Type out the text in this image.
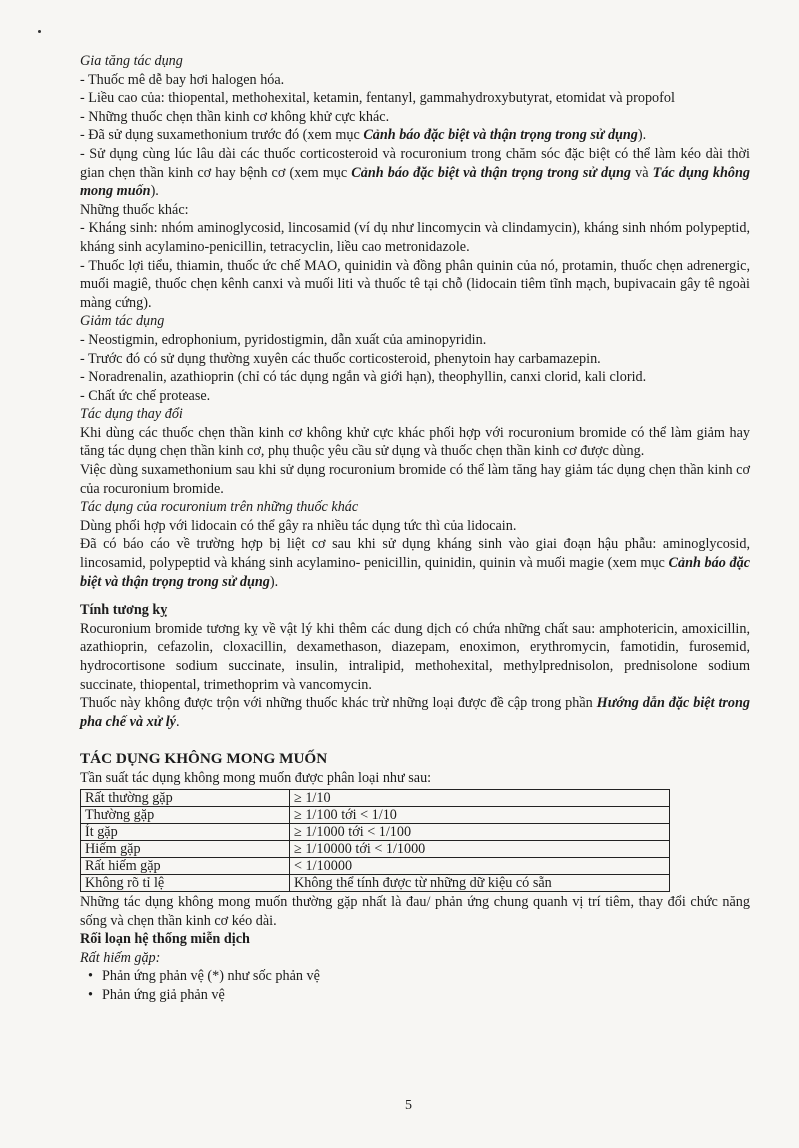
Gia tăng tác dụng

- Thuốc mê dễ bay hơi halogen hóa.

- Liều cao của: thiopental, methohexital, ketamin, fentanyl, gammahydroxybutyrat, etomidat và propofol

- Những thuốc chẹn thần kinh cơ không khử cực khác.

- Đã sử dụng suxamethonium trước đó (xem mục Cảnh báo đặc biệt và thận trọng trong sử dụng).

- Sử dụng cùng lúc lâu dài các thuốc corticosteroid và rocuronium trong chăm sóc đặc biệt có thể làm kéo dài thời gian chẹn thần kinh cơ hay bệnh cơ (xem mục Cảnh báo đặc biệt và thận trọng trong sử dụng và Tác dụng không mong muốn).

Những thuốc khác:

- Kháng sinh: nhóm aminoglycosid, lincosamid (ví dụ như lincomycin và clindamycin), kháng sinh nhóm polypeptid, kháng sinh acylamino-penicillin, tetracyclin, liều cao metronidazole.

- Thuốc lợi tiểu, thiamin, thuốc ức chế MAO, quinidin và đồng phân quinin của nó, protamin, thuốc chẹn adrenergic, muối magiê, thuốc chẹn kênh canxi và muối liti và thuốc tê tại chỗ (lidocain tiêm tĩnh mạch, bupivacain gây tê ngoài màng cứng).

Giảm tác dụng

- Neostigmin, edrophonium, pyridostigmin, dẫn xuất của aminopyridin.

- Trước đó có sử dụng thường xuyên các thuốc corticosteroid, phenytoin hay carbamazepin.

- Noradrenalin, azathioprin (chỉ có tác dụng ngắn và giới hạn), theophyllin, canxi clorid, kali clorid.

- Chất ức chế protease.

Tác dụng thay đổi

Khi dùng các thuốc chẹn thần kinh cơ không khử cực khác phối hợp với rocuronium bromide có thể làm giảm hay tăng tác dụng chẹn thần kinh cơ, phụ thuộc yêu cầu sử dụng và thuốc chẹn thần kinh cơ được dùng.

Việc dùng suxamethonium sau khi sử dụng rocuronium bromide có thể làm tăng hay giảm tác dụng chẹn thần kinh cơ của rocuronium bromide.

Tác dụng của rocuronium trên những thuốc khác

Dùng phối hợp với lidocain có thể gây ra nhiều tác dụng tức thì của lidocain.

Đã có báo cáo về trường hợp bị liệt cơ sau khi sử dụng kháng sinh vào giai đoạn hậu phẫu: aminoglycosid, lincosamid, polypeptid và kháng sinh acylamino- penicillin, quinidin, quinin và muối magie (xem mục Cảnh báo đặc biệt và thận trọng trong sử dụng).

Tính tương kỵ

Rocuronium bromide tương kỵ về vật lý khi thêm các dung dịch có chứa những chất sau: amphotericin, amoxicillin, azathioprin, cefazolin, cloxacillin, dexamethason, diazepam, enoximon, erythromycin, famotidin, furosemid, hydrocortisone sodium succinate, insulin, intralipid, methohexital, methylprednisolon, prednisolone sodium succinate, thiopental, trimethoprim và vancomycin.

Thuốc này không được trộn với những thuốc khác trừ những loại được đề cập trong phần Hướng dẫn đặc biệt trong pha chế và xử lý.

TÁC DỤNG KHÔNG MONG MUỐN

Tần suất tác dụng không mong muốn được phân loại như sau:

Rất thường gặp	≥ 1/10
Thường gặp	≥ 1/100 tới < 1/10
Ít gặp	≥ 1/1000 tới < 1/100
Hiếm gặp	≥ 1/10000 tới < 1/1000
Rất hiếm gặp	< 1/10000
Không rõ tỉ lệ	Không thể tính được từ những dữ kiệu có sẵn

Những tác dụng không mong muốn thường gặp nhất là đau/ phản ứng chung quanh vị trí tiêm, thay đổi chức năng sống và chẹn thần kinh cơ kéo dài.

Rối loạn hệ thống miễn dịch

Rất hiếm gặp:

• Phản ứng phản vệ (*) như sốc phản vệ
• Phản ứng giả phản vệ
5
